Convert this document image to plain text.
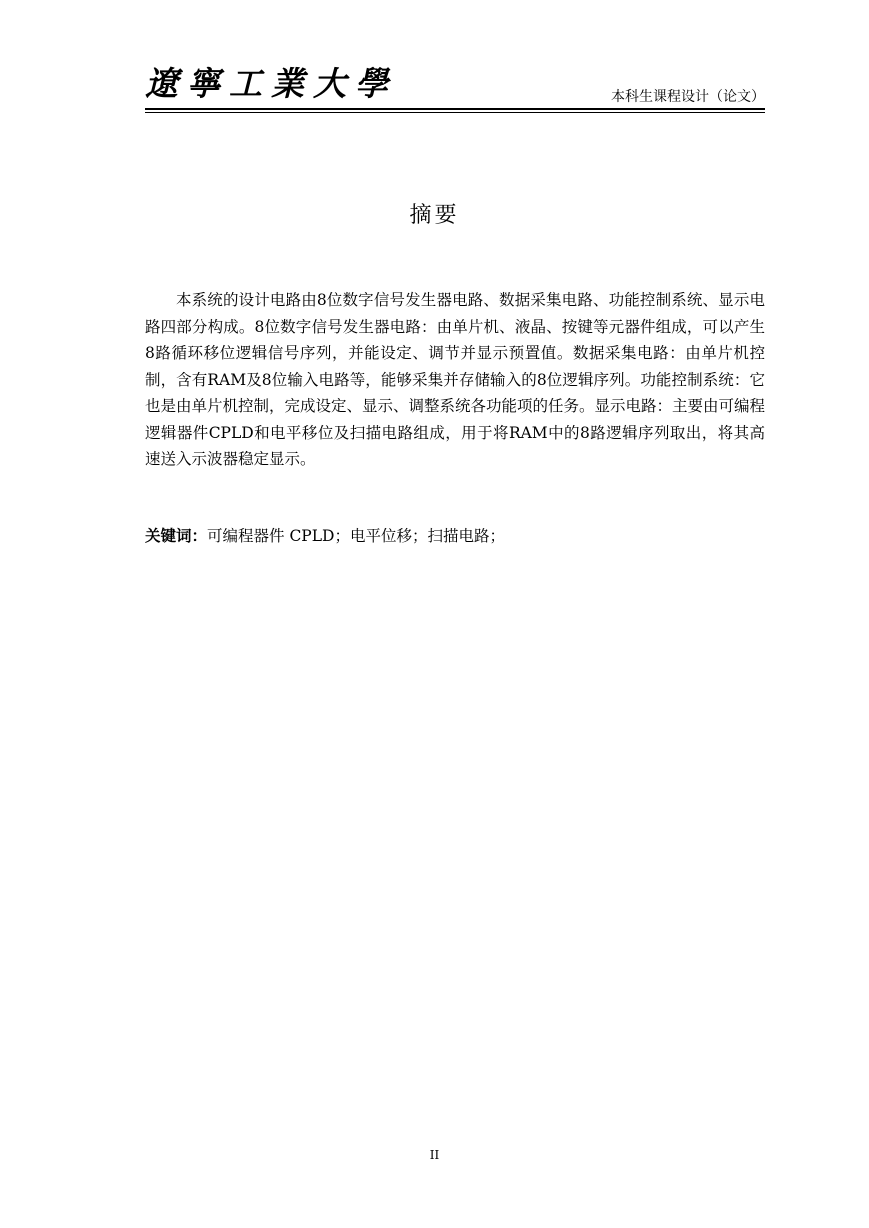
遼寧工業大學	本科生课程设计（论文）
摘要

本系统的设计电路由8位数字信号发生器电路、数据采集电路、功能控制系统、显示电路四部分构成。8位数字信号发生器电路：由单片机、液晶、按键等元器件组成，可以产生8路循环移位逻辑信号序列，并能设定、调节并显示预置值。数据采集电路：由单片机控制，含有RAM及8位输入电路等，能够采集并存储输入的8位逻辑序列。功能控制系统：它也是由单片机控制，完成设定、显示、调整系统各功能项的任务。显示电路：主要由可编程逻辑器件CPLD和电平移位及扫描电路组成，用于将RAM中的8路逻辑序列取出，将其高速送入示波器稳定显示。

关键词：可编程器件 CPLD；电平位移；扫描电路；
II
